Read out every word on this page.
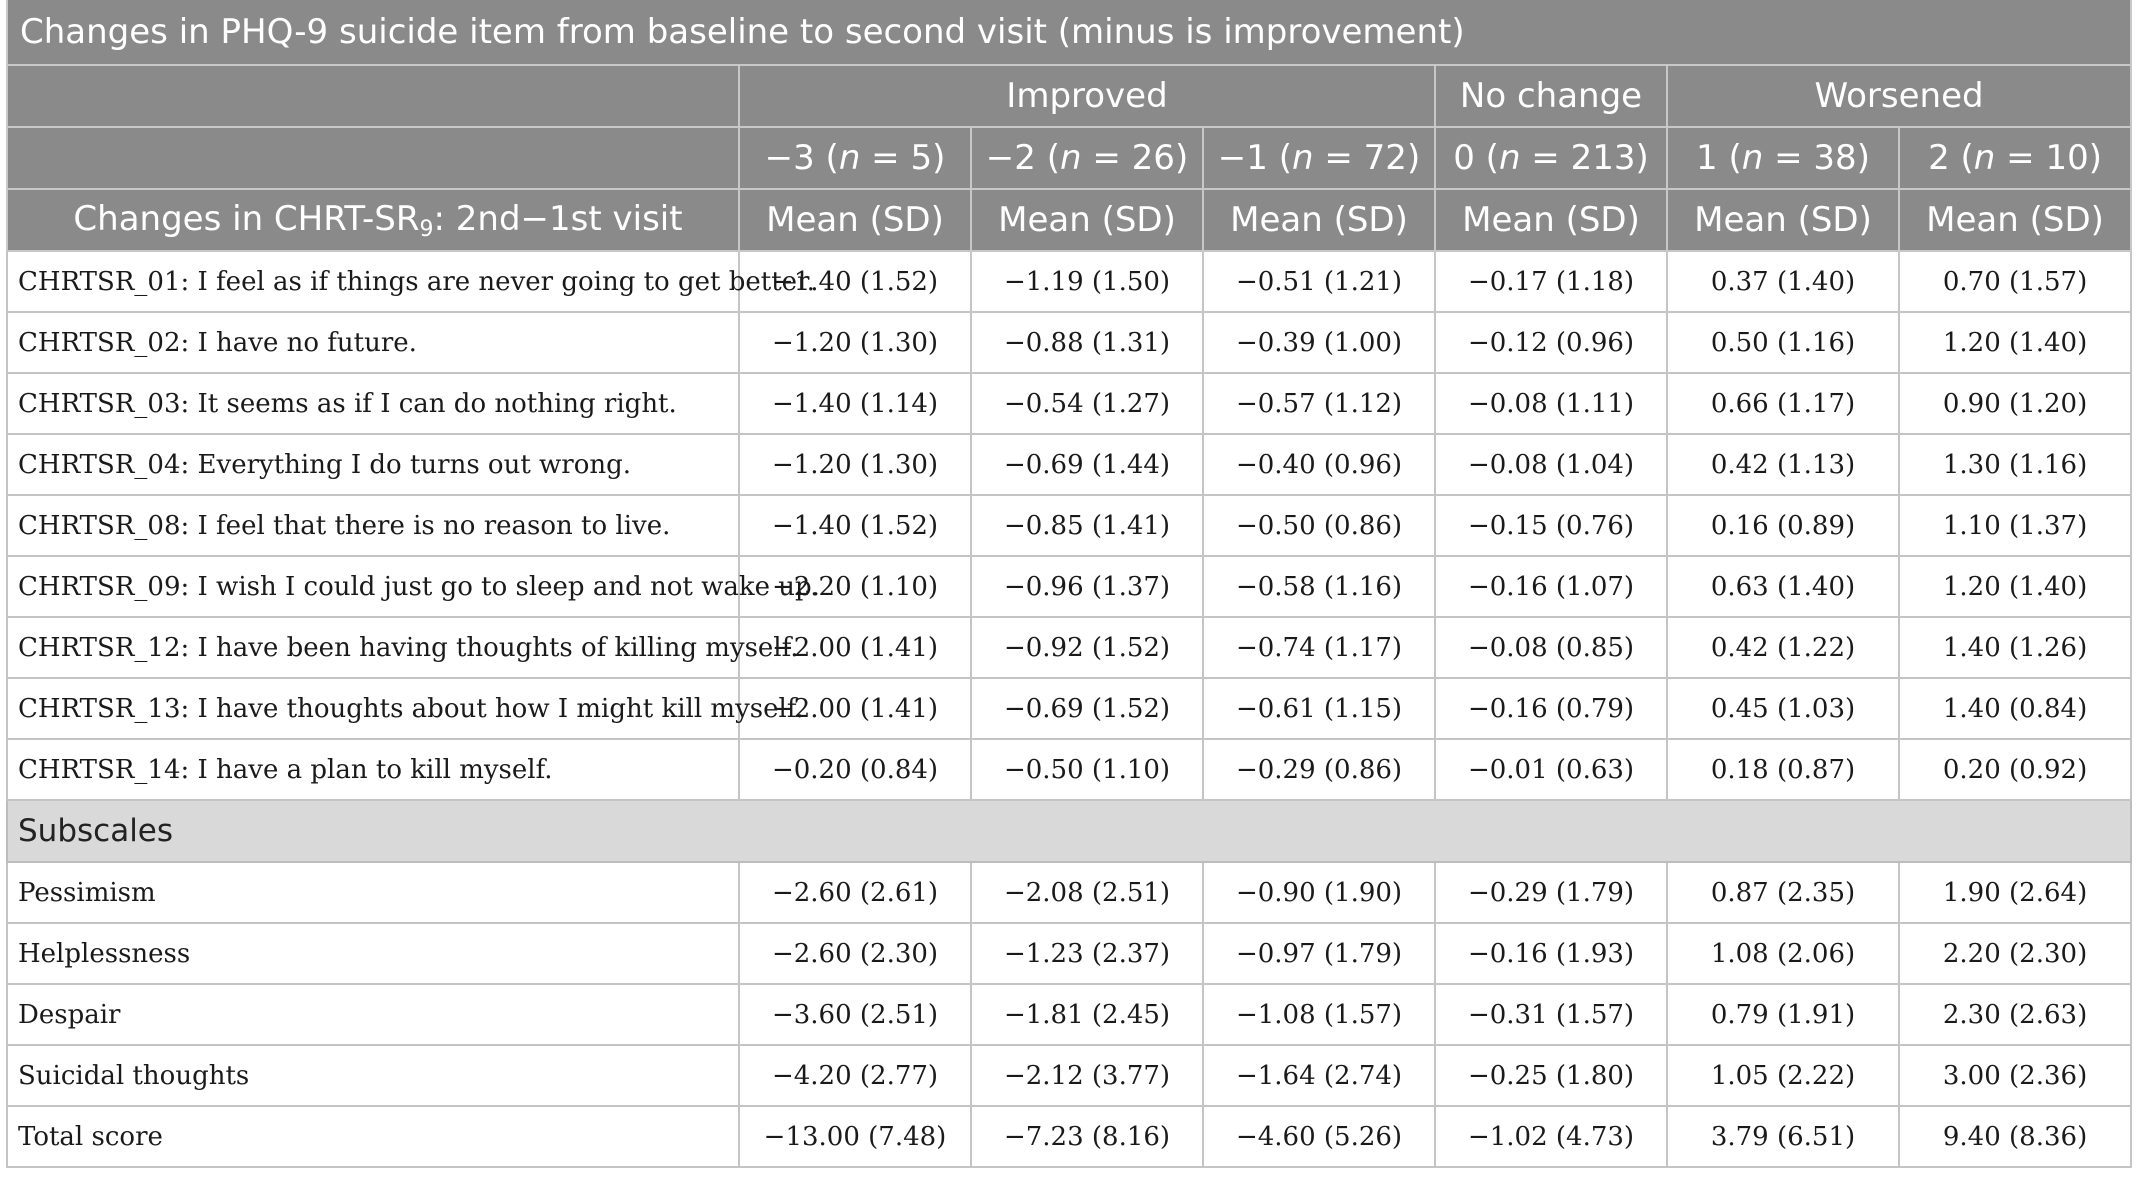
Changes in PHQ-9 suicide item from baseline to second visit (minus is improvement)						
	Improved			No change	Worsened	
	−3 (n = 5)	−2 (n = 26)	−1 (n = 72)	0 (n = 213)	1 (n = 38)	2 (n = 10)
Changes in CHRT-$SR_9$: 2nd−1st visit	Mean (SD)	Mean (SD)	Mean (SD)	Mean (SD)	Mean (SD)	Mean (SD)
CHRTSR_01: I feel as if things are never going to get better.	−1.40 (1.52)	−1.19 (1.50)	−0.51 (1.21)	−0.17 (1.18)	0.37 (1.40)	0.70 (1.57)
CHRTSR_02: I have no future.	−1.20 (1.30)	−0.88 (1.31)	−0.39 (1.00)	−0.12 (0.96)	0.50 (1.16)	1.20 (1.40)
CHRTSR_03: It seems as if I can do nothing right.	−1.40 (1.14)	−0.54 (1.27)	−0.57 (1.12)	−0.08 (1.11)	0.66 (1.17)	0.90 (1.20)
CHRTSR_04: Everything I do turns out wrong.	−1.20 (1.30)	−0.69 (1.44)	−0.40 (0.96)	−0.08 (1.04)	0.42 (1.13)	1.30 (1.16)
CHRTSR_08: I feel that there is no reason to live.	−1.40 (1.52)	−0.85 (1.41)	−0.50 (0.86)	−0.15 (0.76)	0.16 (0.89)	1.10 (1.37)
CHRTSR_09: I wish I could just go to sleep and not wake up.	−2.20 (1.10)	−0.96 (1.37)	−0.58 (1.16)	−0.16 (1.07)	0.63 (1.40)	1.20 (1.40)
CHRTSR_12: I have been having thoughts of killing myself.	−2.00 (1.41)	−0.92 (1.52)	−0.74 (1.17)	−0.08 (0.85)	0.42 (1.22)	1.40 (1.26)
CHRTSR_13: I have thoughts about how I might kill myself.	−2.00 (1.41)	−0.69 (1.52)	−0.61 (1.15)	−0.16 (0.79)	0.45 (1.03)	1.40 (0.84)
CHRTSR_14: I have a plan to kill myself.	−0.20 (0.84)	−0.50 (1.10)	−0.29 (0.86)	−0.01 (0.63)	0.18 (0.87)	0.20 (0.92)
Subscales						
Pessimism	−2.60 (2.61)	−2.08 (2.51)	−0.90 (1.90)	−0.29 (1.79)	0.87 (2.35)	1.90 (2.64)
Helplessness	−2.60 (2.30)	−1.23 (2.37)	−0.97 (1.79)	−0.16 (1.93)	1.08 (2.06)	2.20 (2.30)
Despair	−3.60 (2.51)	−1.81 (2.45)	−1.08 (1.57)	−0.31 (1.57)	0.79 (1.91)	2.30 (2.63)
Suicidal thoughts	−4.20 (2.77)	−2.12 (3.77)	−1.64 (2.74)	−0.25 (1.80)	1.05 (2.22)	3.00 (2.36)
Total score	−13.00 (7.48)	−7.23 (8.16)	−4.60 (5.26)	−1.02 (4.73)	3.79 (6.51)	9.40 (8.36)
